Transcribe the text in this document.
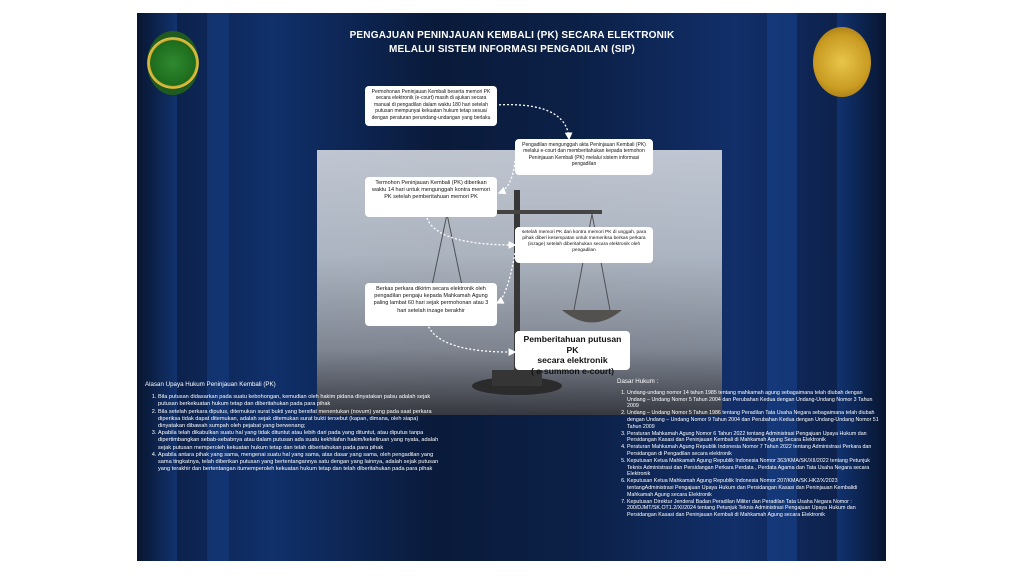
PENGAJUAN PENINJAUAN KEMBALI (PK) SECARA ELEKTRONIK
MELALUI SISTEM INFORMASI PENGADILAN (SIP)
Permohonan Peninjauan Kembali beserta memori PK secara elektronik (e-court) masih di ajukan secara manual di pengadilan dalam waktu 180 hari setelah putusan mempunyai kekuatan hukum tetap sesuai dengan peraturan perundang-undangan yang berlaku
Pengadilan mengunggah akta Peninjauan Kembali (PK) melalui e-court dan memberitahukan kepada termohon Peninjauan Kembali (PK) melalui sistem informasi pengadilan
Termohon Peninjauan Kembali (PK) diberikan waktu 14 hari untuk mengunggah kontra memori PK setelah pemberitahuan memori PK
setelah memori PK dan kontra memori PK di unggah, para pihak diberi kesempatan untuk memeriksa berkas perkara (inzage) setelah diberitahukan secara elektronik oleh pengadilan
Berkas perkara dikirim secara elektronik oleh pengadilan pengaju kepada Mahkamah Agung paling lambat 60 hari sejak permohonan atau 3 hari setelah inzage berakhir
Pemberitahuan putusan PK
secara elektronik
( e-summon e-court)
Alasan Upaya Hukum Peninjauan Kembali (PK)
1. Bila putusan didasarkan pada suatu kebohongan, kemudian oleh hakim pidana dinyatakan palsu adalah sejak putusan berkekuatan hukum tetap dan diberitahukan pada para pihak
2. Bila setelah perkara diputus, ditemukan surat bukti yang bersifat menentukan (novum) yang pada saat perkara diperiksa tidak dapat ditemukan, adalah sejak ditemukan surat bukti tersebut (kapan, dimana, oleh siapa) dinyatakan dibawah sumpah oleh pejabat yang berwenang;
3. Apabila telah dikabulkan suatu hal yang tidak dituntut atau lebih dari pada yang dituntut, atau diputus tanpa dipertimbangkan sebab-sebabnya atau dalam putusan ada suatu kekhilafan hakim/kekeliruan yang nyata, adalah sejak putusan memperoleh kekuatan hukum tetap dan telah diberitahukan pada para pihak
4. Apabila antara pihak yang sama, mengenai suatu hal yang sama, atas dasar yang sama, oleh pengadilan yang sama tingkatnya, telah diberikan putusan yang bertentangannya satu dengan yang lainnya, adalah sejak putusan yang terakhir dan bertentangan itumemperoleh kekuatan hukum tetap dan telah diberitahukan pada para pihak
Dasar Hukum :
1. Undang-undang nomor 14 tahun 1985 tentang mahkamah agung sebagaimana telah diubah dengan Undang – Undang Nomor 5 Tahun 2004 dan Perubahan Kedua dengan Undang-Undang Nomor 3 Tahun 2009
2. Undang – Undang Nomor 5 Tahun 1986 tentang Peradilan Tata Usaha Negara sebagaimana telah diubah dengan Undang – Undang Nomor 9 Tahun 2004 dan Perubahan Kedua dengan Undang-Undang Nomor 51 Tahun 2009
3. Peraturan Mahkamah Agung Nomor 6 Tahun 2022 tentang Administrasi Pengajuan Upaya Hukum dan Persidangan Kasasi dan Peninjauan Kembali di Mahkamah Agung Secara Elektronik
4. Peraturan Mahkamah Agung Republik Indonesia Nomor 7 Tahun 2022 tentang Administrasi Perkara dan Persidangan di Pengadilan secara elektronik
5. Keputusan Ketua Mahkamah Agung Republik Indonesia Nomor 363/KMA/SK/XII/2022 tentang Petunjuk Teknis Administrasi dan Persidangan Perkara Perdata , Perdata Agama dan Tata Usaha Negara secara Elektronik
6. Keputusan Ketua Mahkamah Agung Republik Indonesia Nomor 207/KMA/SK.HK2/X/2023 tentangAdministrasi Pengajuan Upaya Hukum dan Persidangan Kasasi dan Peninjauan Kembalidi Mahkamah Agung secara Elektronik
7. Keputusan Direktur Jenderal Badan Peradilan Militer dan Peradilan Tata Usaha Negara Nomor : 200/DJMT/SK.OT1.2/XI/2024 tentang Petunjuk Teknis Administrasi Pengajuan Upaya Hukum dan Persidangan Kasasi dan Peninjauan Kembali di Mahkamah Agung secara Elektronik
